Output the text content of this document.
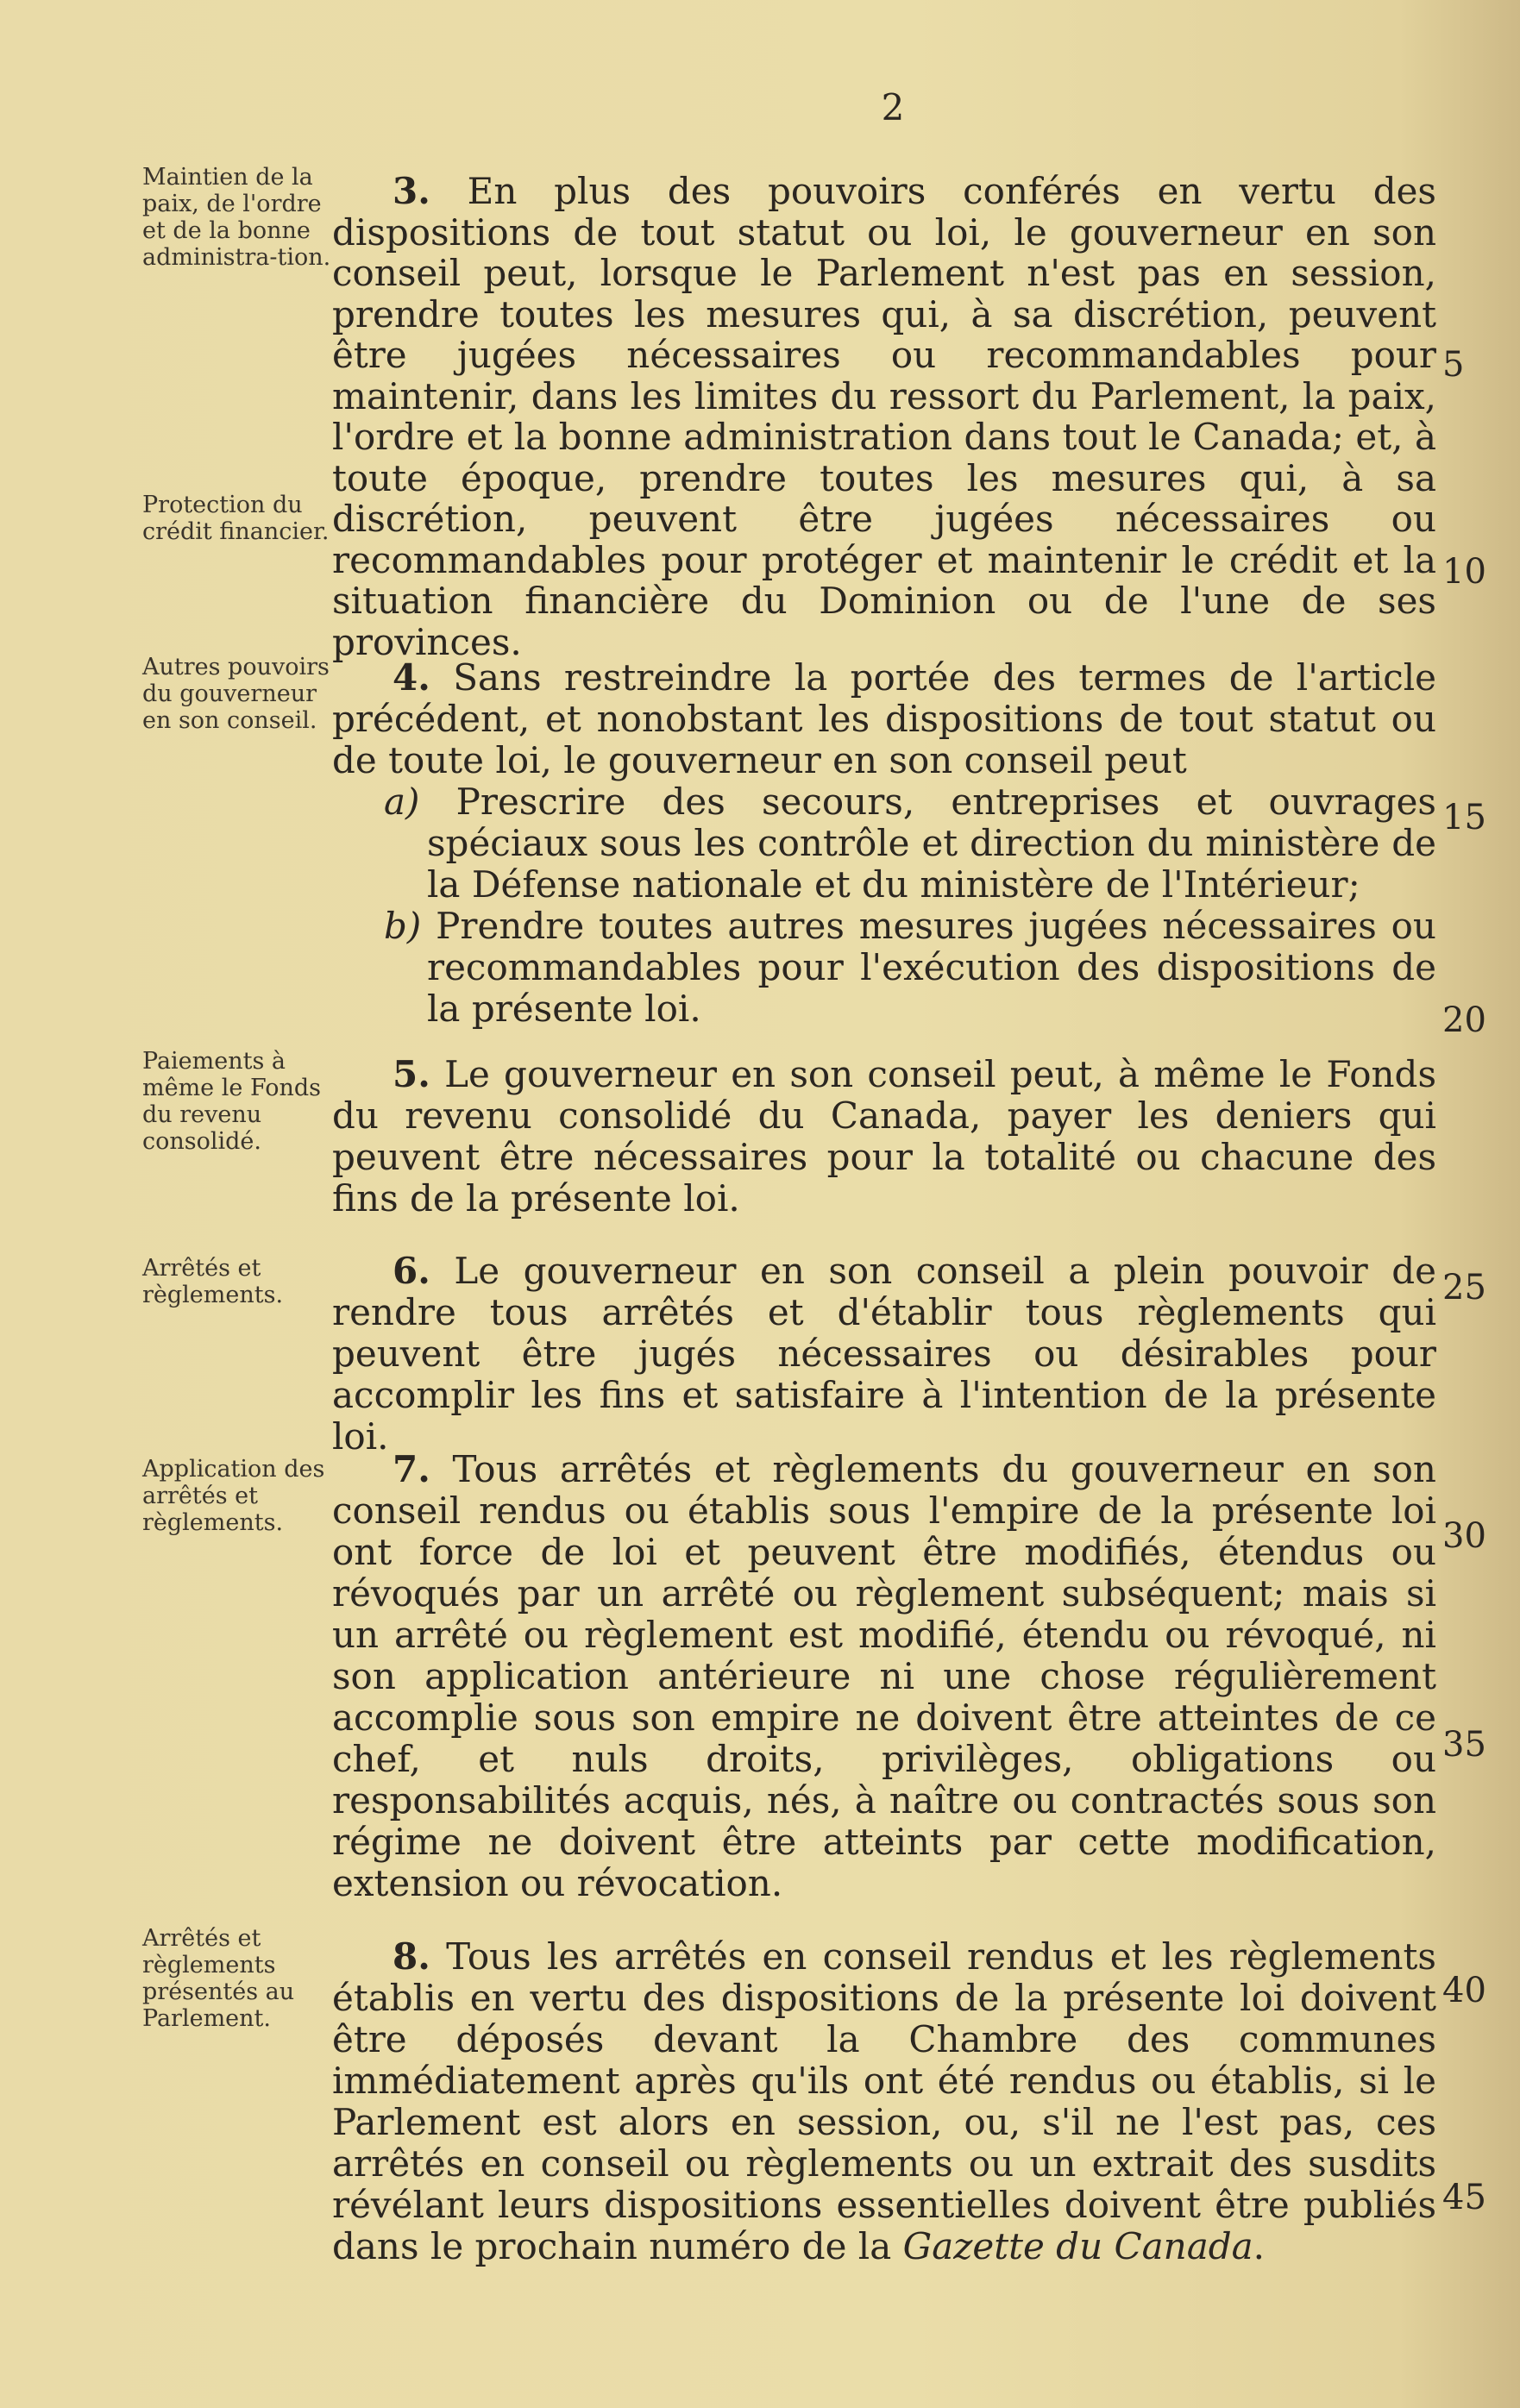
2
Maintien de la paix, de l'ordre et de la bonne administra-tion.
Protection du crédit financier.
3. En plus des pouvoirs conférés en vertu des dispositions de tout statut ou loi, le gouverneur en son conseil peut, lorsque le Parlement n'est pas en session, prendre toutes les mesures qui, à sa discrétion, peuvent être jugées nécessaires ou recommandables pour maintenir, dans les limites du ressort du Parlement, la paix, l'ordre et la bonne administration dans tout le Canada; et, à toute époque, prendre toutes les mesures qui, à sa discrétion, peuvent être jugées nécessaires ou recommandables pour protéger et maintenir le crédit et la situation financière du Dominion ou de l'une de ses provinces.
Autres pouvoirs du gouverneur en son conseil.
4. Sans restreindre la portée des termes de l'article précédent, et nonobstant les dispositions de tout statut ou de toute loi, le gouverneur en son conseil peut
a) Prescrire des secours, entreprises et ouvrages spéciaux sous les contrôle et direction du ministère de la Défense nationale et du ministère de l'Intérieur;
b) Prendre toutes autres mesures jugées nécessaires ou recommandables pour l'exécution des dispositions de la présente loi.
Paiements à même le Fonds du revenu consolidé.
5. Le gouverneur en son conseil peut, à même le Fonds du revenu consolidé du Canada, payer les deniers qui peuvent être nécessaires pour la totalité ou chacune des fins de la présente loi.
Arrêtés et règlements.
6. Le gouverneur en son conseil a plein pouvoir de rendre tous arrêtés et d'établir tous règlements qui peuvent être jugés nécessaires ou désirables pour accomplir les fins et satisfaire à l'intention de la présente loi.
Application des arrêtés et règlements.
7. Tous arrêtés et règlements du gouverneur en son conseil rendus ou établis sous l'empire de la présente loi ont force de loi et peuvent être modifiés, étendus ou révoqués par un arrêté ou règlement subséquent; mais si un arrêté ou règlement est modifié, étendu ou révoqué, ni son application antérieure ni une chose régulièrement accomplie sous son empire ne doivent être atteintes de ce chef, et nuls droits, privilèges, obligations ou responsabilités acquis, nés, à naître ou contractés sous son régime ne doivent être atteints par cette modification, extension ou révocation.
Arrêtés et règlements présentés au Parlement.
8. Tous les arrêtés en conseil rendus et les règlements établis en vertu des dispositions de la présente loi doivent être déposés devant la Chambre des communes immédiatement après qu'ils ont été rendus ou établis, si le Parlement est alors en session, ou, s'il ne l'est pas, ces arrêtés en conseil ou règlements ou un extrait des susdits révélant leurs dispositions essentielles doivent être publiés dans le prochain numéro de la Gazette du Canada.
5
10
15
20
25
30
35
40
45
